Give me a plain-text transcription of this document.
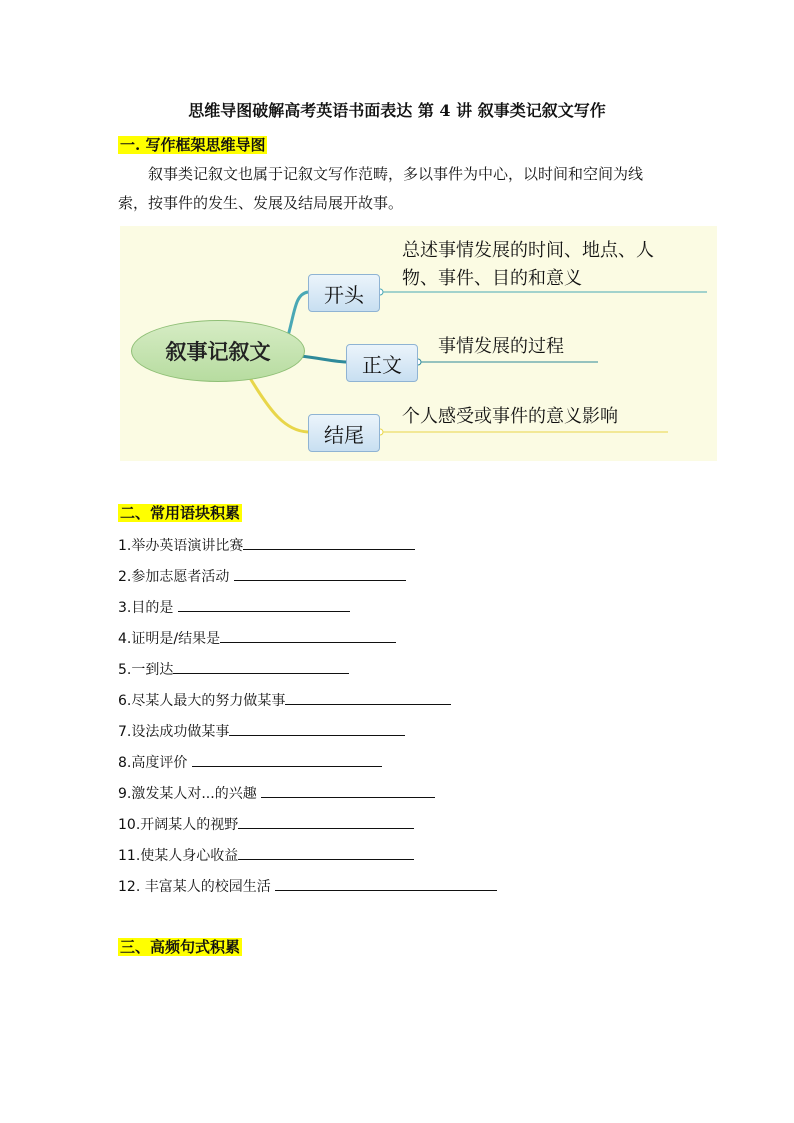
思维导图破解高考英语书面表达 第 4 讲 叙事类记叙文写作
一. 写作框架思维导图
叙事类记叙文也属于记叙文写作范畴，多以事件为中心，以时间和空间为线
索，按事件的发生、发展及结局展开故事。
叙事记叙文
开头
总述事情发展的时间、地点、人
物、事件、目的和意义
正文
事情发展的过程
结尾
个人感受或事件的意义影响
二、常用语块积累
1.举办英语演讲比赛
2.参加志愿者活动
3.目的是
4.证明是/结果是
5.一到达
6.尽某人最大的努力做某事
7.设法成功做某事
8.高度评价
9.激发某人对...的兴趣
10.开阔某人的视野
11.使某人身心收益
12. 丰富某人的校园生活
三、高频句式积累
